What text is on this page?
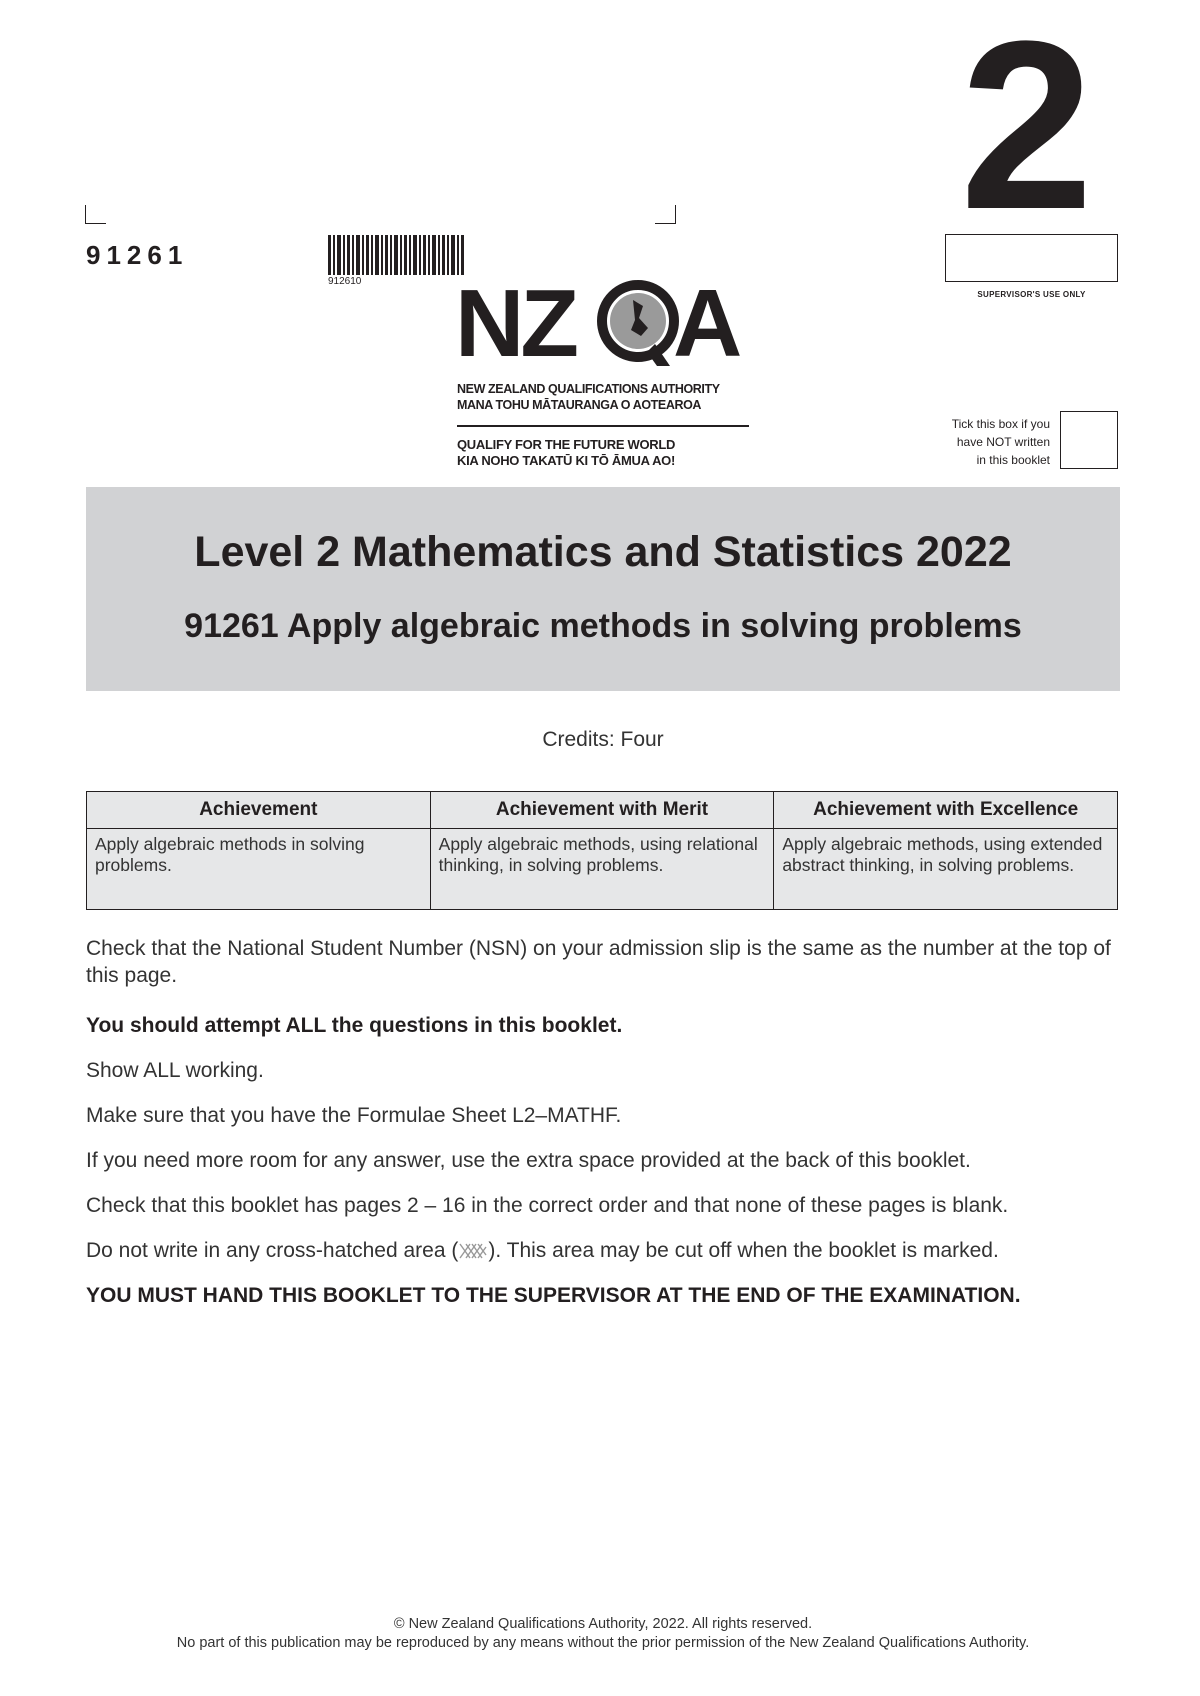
91261
912610 NZ A
NEW ZEALAND QUALIFICATIONS AUTHORITY
MANA TOHU MĀTAURANGA O AOTEAROA
QUALIFY FOR THE FUTURE WORLD
KIA NOHO TAKATŪ KI TŌ ĀMUA AO!
2
SUPERVISOR'S USE ONLY
Tick this box if you
have NOT written
in this booklet
Level 2 Mathematics and Statistics 2022
91261 Apply algebraic methods in solving problems
Credits: Four
Achievement	Achievement with Merit	Achievement with Excellence
Apply algebraic methods in solving problems.	Apply algebraic methods, using relational thinking, in solving problems.	Apply algebraic methods, using extended abstract thinking, in solving problems.
Check that the National Student Number (NSN) on your admission slip is the same as the number at the top of this page.
You should attempt ALL the questions in this booklet.
Show ALL working.
Make sure that you have the Formulae Sheet L2–MATHF.
If you need more room for any answer, use the extra space provided at the back of this booklet.
Check that this booklet has pages 2 – 16 in the correct order and that none of these pages is blank.
Do not write in any cross-hatched area ( ). This area may be cut off when the booklet is marked.
YOU MUST HAND THIS BOOKLET TO THE SUPERVISOR AT THE END OF THE EXAMINATION.
© New Zealand Qualifications Authority, 2022. All rights reserved.
No part of this publication may be reproduced by any means without the prior permission of the New Zealand Qualifications Authority.
